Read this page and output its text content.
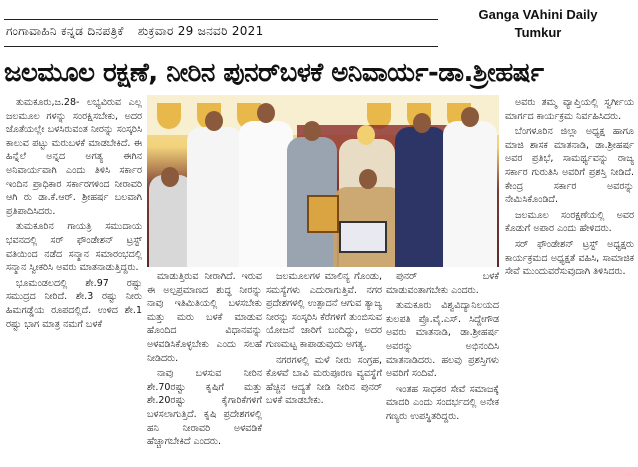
ಗಂಗಾವಾಹಿನಿ ಕನ್ನಡ ದಿನಪತ್ರಿಕೆ ಶುಕ್ರವಾರ 29 ಜನವರಿ 2021
Ganga VAhini Daily
Tumkur
ಜಲಮೂಲ ರಕ್ಷಣೆ, ನೀರಿನ ಪುನರ್‌ಬಳಕೆ ಅನಿವಾರ್ಯ-ಡಾ.ಶ್ರೀಹರ್ಷ

ತುಮಕೂರು,ಜ.28- ಲಭ್ಯವಿರುವ ಎಲ್ಲ ಜಲಮೂಲ ಗಳನ್ನು ಸಂರಕ್ಷಿಸಬೇಕು, ಅದರ ಜೊತೆಯಲ್ಲೇ ಬಳಸಿರುವಂತ ನೀರನ್ನು ಸಂಸ್ಕರಿಸಿ ಕಾಲುವ ಪಟ್ಟು ಮರುಬಳಕೆ ಮಾಡಬೇಕಿದೆ. ಈ ಹಿನ್ನೆಲೆ ಅನ್ನದ ಅಗತ್ಯ ಈಗಿನ ಅನಿವಾರ್ಯವಾಗಿ ಎಂದು ತಿಳಿಸಿ ಸರ್ಕಾರ ಇಂದಿನ ಪ್ರಾಧಿಕಾರ ಸರ್ಕಾರಗಳಿಂದ ನೀರಾವರಿ ಆಗಿ ರು ಡಾ.ಕೆ.ಆರ್. ಶ್ರೀಹರ್ಷ ಬಲವಾಗಿ ಪ್ರತಿಪಾದಿಸಿದರು.

ತುಮಕೂರಿನ ಗಾಯತ್ರಿ ಸಮುದಾಯ ಭವನದಲ್ಲಿ ಸರ್ ಫೌಂಡೇಶನ್ ಟ್ರಸ್ಟ್ ವತಿಯಿಂದ ನಡೆದ ಸನ್ಮಾನ ಸಮಾರಂಭದಲ್ಲಿ ಸನ್ಮಾನ ಸ್ವೀಕರಿಸಿ ಅವರು ಮಾತನಾಡುತ್ತಿದ್ದರು.

ಭೂಮಂಡಲದಲ್ಲಿ ಶೇ.97 ರಷ್ಟು ಸಮುದ್ರದ ನೀರಿದೆ. ಶೇ.3 ರಷ್ಟು ನೀರು ಹಿಮಗಡ್ಡೆಯ ರೂಪದಲ್ಲಿದೆ. ಉಳಿದ ಶೇ.1 ರಷ್ಟು ಭಾಗ ಮಾತ್ರ ನಮಗೆ ಬಳಕೆ

ಮಾಡುತ್ತಿರುವ ನೀರಾಗಿದೆ. ಇರುವ ಈ ಅಲ್ಪಪ್ರಮಾಣದ ಶುದ್ಧ ನೀರನ್ನು ನಾವು ಇತಿಮಿತಿಯಲ್ಲಿ ಬಳಸಬೇಕು ಮತ್ತು ಮರು ಬಳಕೆ ಮಾಡುವ ಹೊಂದಿದ ವಿಧಾನವನ್ನು ಅಳವಡಿಸಿಕೊಳ್ಳಬೇಕು ಎಂದು ಸಲಹೆ ನೀಡಿದರು.

ನಾವು ಬಳಸುವ ನೀರಿನ ಶೇ.70ರಷ್ಟು ಕೃಷಿಗೆ ಮತ್ತು ಶೇ.20ರಷ್ಟು ಕೈಗಾರಿಕೆಗಳಿಗೆ ಬಳಸಲಾಗುತ್ತಿದೆ. ಕೃಷಿ ಪ್ರದೇಶಗಳಲ್ಲಿ ಹನಿ ನೀರಾವರಿ ಅಳವಡಿಕೆ ಹೆಚ್ಚಾಗಬೇಕಿದೆ ಎಂದರು.

ಜಲಮೂಲಗಳ ಮಾಲಿನ್ಯ ಗೊಂಡು, ಸಮಸ್ಯೆಗಳು ಎದುರಾಗುತ್ತಿವೆ. ನಗರ ಪ್ರದೇಶಗಳಲ್ಲಿ ಉತ್ಪಾದನೆ ಆಗುವ ತ್ಯಾಜ್ಯ ನೀರನ್ನು ಸಂಸ್ಕರಿಸಿ ಕೆರೆಗಳಿಗೆ ತುಂಬಿಸುವ ಯೋಜನೆ ಜಾರಿಗೆ ಬಂದಿದ್ದು, ಅದರ ಗುಣಮಟ್ಟ ಕಾಪಾಡುವುದು ಅಗತ್ಯ.

ನಗರಗಳಲ್ಲಿ ಮಳೆ ನೀರು ಸಂಗ್ರಹ, ಕೊಳವೆ ಬಾವಿ ಮರುಪೂರಣ ವ್ಯವಸ್ಥೆಗೆ ಹೆಚ್ಚಿನ ಆದ್ಯತೆ ನೀಡಿ ನೀರಿನ ಪುನರ್ ಬಳಕೆ ಮಾಡಬೇಕು.

ಪುನರ್ ಬಳಕೆ ಮಾಡುವಂತಾಗಬೇಕು ಎಂದರು.

ತುಮಕೂರು ವಿಶ್ವವಿದ್ಯಾನಿಲಯದ ಕುಲಪತಿ ಪ್ರೊ.ವೈ.ಎಸ್. ಸಿದ್ದೇಗೌಡ ಅವರು ಮಾತನಾಡಿ, ಡಾ.ಶ್ರೀಹರ್ಷ ಅವರನ್ನು ಅಭಿನಂದಿಸಿ ಮಾತನಾಡಿದರು. ಹಲವು ಪ್ರಶಸ್ತಿಗಳು ಅವರಿಗೆ ಸಂದಿವೆ.

ಇಂತಹ ಸಾಧಕರ ಸೇವೆ ಸಮಾಜಕ್ಕೆ ಮಾದರಿ ಎಂದು ಸಂದರ್ಭದಲ್ಲಿ ಅನೇಕ ಗಣ್ಯರು ಉಪಸ್ಥಿತರಿದ್ದರು.

ಅವರು ತಮ್ಮ ವ್ಯಾಪ್ತಿಯಲ್ಲಿ ಸ್ವರ್ಗೀಯ ಮಾರ್ಗದ ಕಾರ್ಯಕ್ರಮ ನಿರ್ವಹಿಸಿದರು.

ಬೆಂಗಳೂರಿನ ಜಿಲ್ಲಾ ಅಧ್ಯಕ್ಷ ಹಾಗೂ ಮಾಜಿ ಶಾಸಕ ಮಾತನಾಡಿ, ಡಾ.ಶ್ರೀಹರ್ಷ ಅವರ ಪ್ರತಿಭೆ, ಸಾಮರ್ಥ್ಯವನ್ನು ರಾಜ್ಯ ಸರ್ಕಾರ ಗುರುತಿಸಿ ಅವರಿಗೆ ಪ್ರಶಸ್ತಿ ನೀಡಿದೆ. ಕೇಂದ್ರ ಸರ್ಕಾರ ಅವರನ್ನು ನೇಮಿಸಿಕೊಂಡಿದೆ.

ಜಲಮೂಲ ಸಂರಕ್ಷಣೆಯಲ್ಲಿ ಅವರ ಕೊಡುಗೆ ಅಪಾರ ಎಂದು ಹೇಳಿದರು.

ಸರ್ ಫೌಂಡೇಶನ್ ಟ್ರಸ್ಟ್ ಅಧ್ಯಕ್ಷರು ಕಾರ್ಯಕ್ರಮದ ಅಧ್ಯಕ್ಷತೆ ವಹಿಸಿ, ಸಾಮಾಜಿಕ ಸೇವೆ ಮುಂದುವರೆಸುವುದಾಗಿ ತಿಳಿಸಿದರು.
